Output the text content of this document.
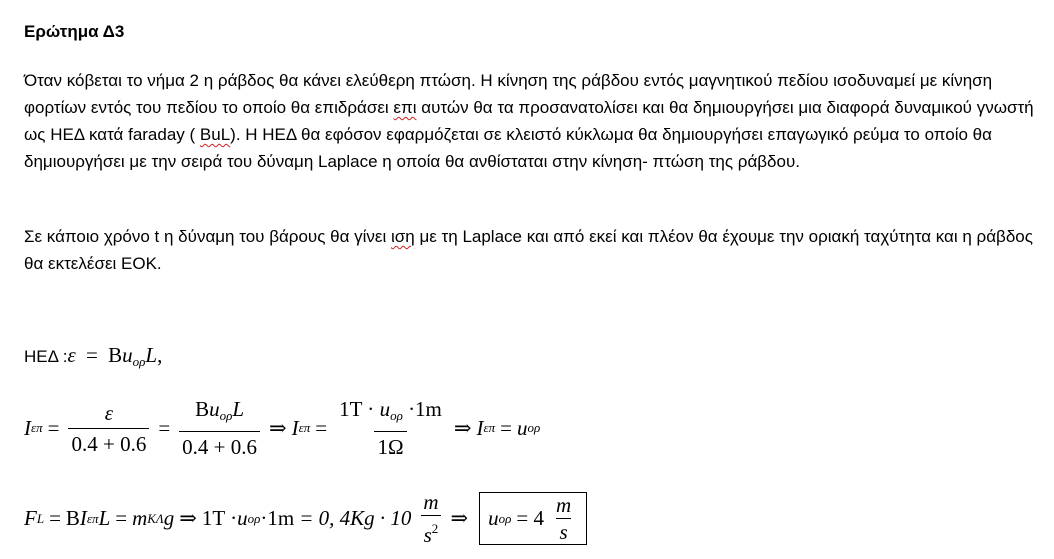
Ερώτημα Δ3

Όταν κόβεται το νήμα 2 η ράβδος θα κάνει ελεύθερη πτώση. Η κίνηση της ράβδου εντός μαγνητικού πεδίου ισοδυναμεί με κίνηση φορτίων εντός του πεδίου το οποίο θα επιδράσει επι αυτών θα τα προσανατολίσει και θα δημιουργήσει μια διαφορά δυναμικού γνωστή ως ΗΕΔ κατά faraday ( BuL). Η ΗΕΔ θα εφόσον εφαρμόζεται σε κλειστό κύκλωμα θα δημιουργήσει επαγωγικό ρεύμα το οποίο θα δημιουργήσει με την σειρά του δύναμη Laplace η οποία θα ανθίσταται στην κίνηση- πτώση της ράβδου.

Σε κάποιο χρόνο t η δύναμη του βάρους θα γίνει ιση με τη Laplace και από εκεί και πλέον θα έχουμε την οριακή ταχύτητα και η ράβδος θα εκτελέσει ΕΟΚ.

ΗΕΔ : $\varepsilon = Bu_{o\rho}L$,
I $\varepsilon\pi = \frac{\varepsilon}{0.4 + 0.6} = \frac{Bu_{o\rho}L}{0.4 + 0.6}$ ⇒ I $\varepsilon\pi = \frac{1T \cdot u_{o\rho} \cdot 1m}{1\Omega}$ ⇒ I επ = u ορ
F L = B I επ L = m ΚΛ g ⇒ 1T · u ορ ·1m = 0, $4Kg \cdot 10 \frac{m}{s^2}$ ⇒ u $o\rho = 4 \frac{m}{s}$
